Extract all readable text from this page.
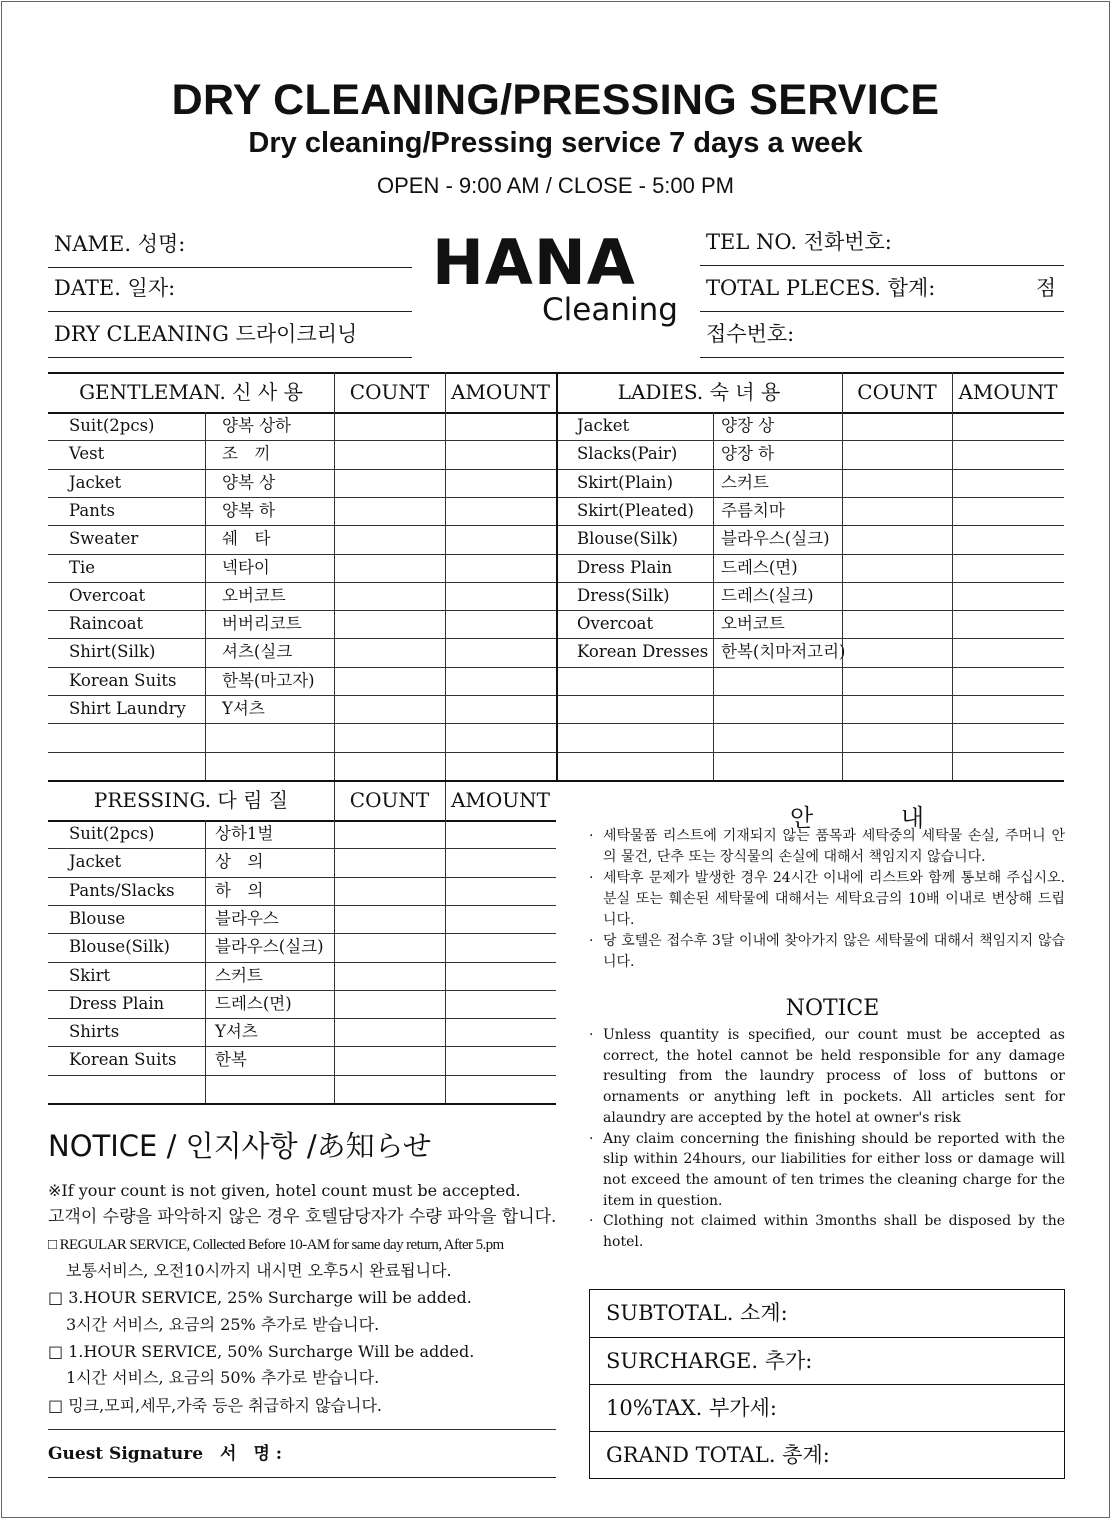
DRY CLEANING/PRESSING SERVICE
Dry cleaning/Pressing service 7 days a week
OPEN - 9:00 AM / CLOSE - 5:00 PM
NAME. 성명:
DATE. 일자:
DRY CLEANING 드라이크리닝
HANA
Cleaning
TEL NO. 전화번호:
TOTAL PLECES. 합계:	점
접수번호:
GENTLEMAN. 신 사 용	COUNT	AMOUNT	LADIES. 숙 녀 용	COUNT	AMOUNT
Suit(2pcs)	양복 상하	Jacket	양장 상
Vest	조　끼	Slacks(Pair)	양장 하
Jacket	양복 상	Skirt(Plain)	스커트
Pants	양복 하	Skirt(Pleated) 주름치마
Sweater	쉐　타	Blouse(Silk)	블라우스(실크)
Tie	넥타이	Dress Plain	드레스(면)
Overcoat	오버코트	Dress(Silk)	드레스(실크)
Raincoat	버버리코트	Overcoat	오버코트
Shirt(Silk)	셔츠(실크	Korean Dresses 한복(치마저고리)
Korean Suits	한복(마고자)
Shirt Laundry Y셔츠
PRESSING. 다 림 질	COUNT	AMOUNT
Suit(2pcs)	상하1벌
Jacket	상　의
Pants/Slacks 하　의
Blouse	블라우스
Blouse(Silk)	블라우스(실크)
Skirt	스커트
Dress Plain	드레스(면)
Shirts	Y셔츠
Korean Suits 한복
안 내
· 세탁물품 리스트에 기재되지 않는 품목과 세탁중의 세탁물 손실, 주머니 안의 물건, 단추 또는 장식물의 손실에 대해서 책임지지 않습니다.
· 세탁후 문제가 발생한 경우 24시간 이내에 리스트와 함께 통보해 주십시오. 분실 또는 훼손된 세탁물에 대해서는 세탁요금의 10배 이내로 변상해 드립니다.
· 당 호텔은 접수후 3달 이내에 찾아가지 않은 세탁물에 대해서 책임지지 않습니다.
NOTICE
· Unless quantity is specified, our count must be accepted as correct, the hotel cannot be held responsible for any damage resulting from the laundry process of loss of buttons or ornaments or anything left in pockets. All articles sent for alaundry are accepted by the hotel at owner's risk
· Any claim concerning the finishing should be reported with the slip within 24hours, our liabilities for either loss or damage will not exceed the amount of ten trimes the cleaning charge for the item in question.
· Clothing not claimed within 3months shall be disposed by the hotel.
NOTICE / 인지사항 /あ知らせ
※If your count is not given, hotel count must be accepted.
고객이 수량을 파악하지 않은 경우 호텔담당자가 수량 파악을 합니다.
□ REGULAR SERVICE, Collected Before 10-AM for same day return, After 5.pm
보통서비스, 오전10시까지 내시면 오후5시 완료됩니다.
□ 3.HOUR SERVICE, 25% Surcharge will be added.
3시간 서비스, 요금의 25% 추가로 받습니다.
□ 1.HOUR SERVICE, 50% Surcharge Will be added.
1시간 서비스, 요금의 50% 추가로 받습니다.
□ 밍크,모피,세무,가죽 등은 취급하지 않습니다.
Guest Signature　서　명 :
SUBTOTAL. 소계:
SURCHARGE. 추가:
10%TAX. 부가세:
GRAND TOTAL. 총계:
